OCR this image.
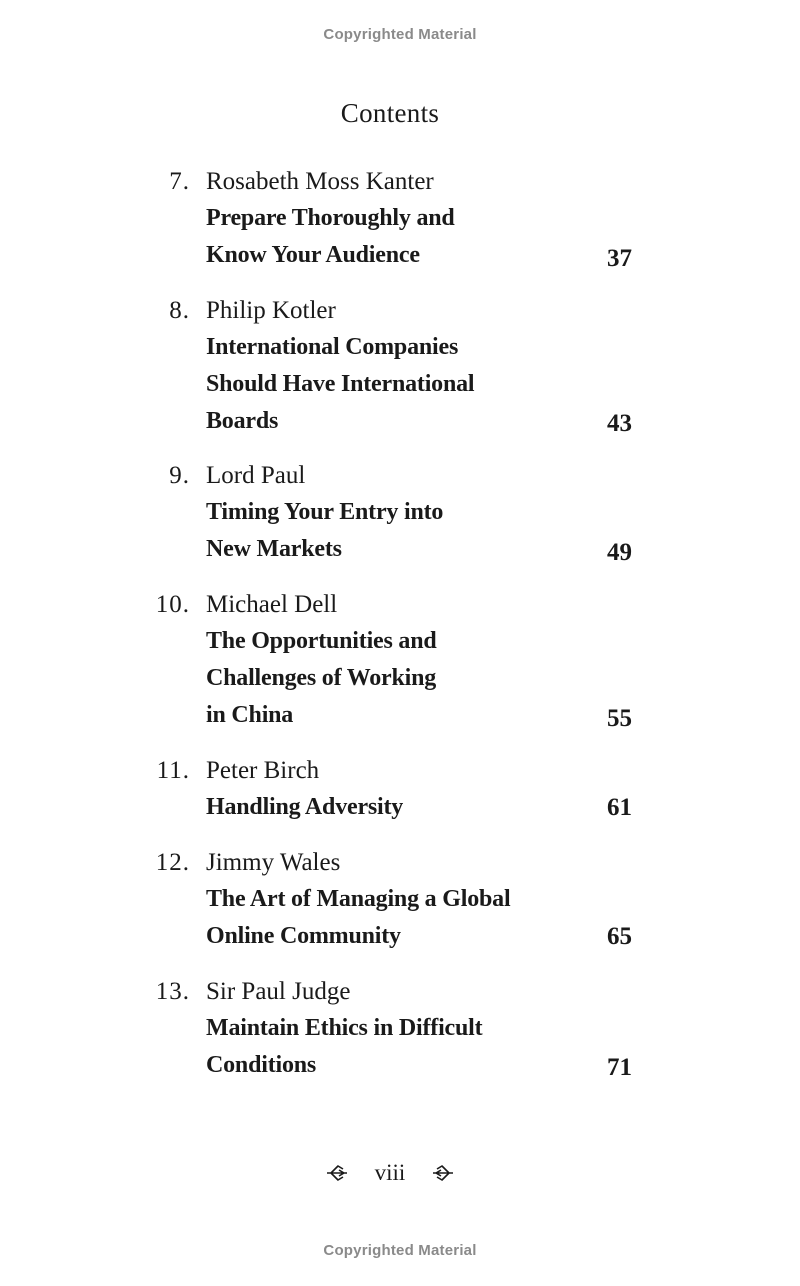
Copyrighted Material
Contents
7. Rosabeth Moss Kanter
Prepare Thoroughly and
Know Your Audience	37
8. Philip Kotler
International Companies
Should Have International
Boards	43
9. Lord Paul
Timing Your Entry into
New Markets	49
10. Michael Dell
The Opportunities and
Challenges of Working
in China	55
11. Peter Birch
Handling Adversity	61
12. Jimmy Wales
The Art of Managing a Global
Online Community	65
13. Sir Paul Judge
Maintain Ethics in Difficult
Conditions	71
viii
Copyrighted Material
